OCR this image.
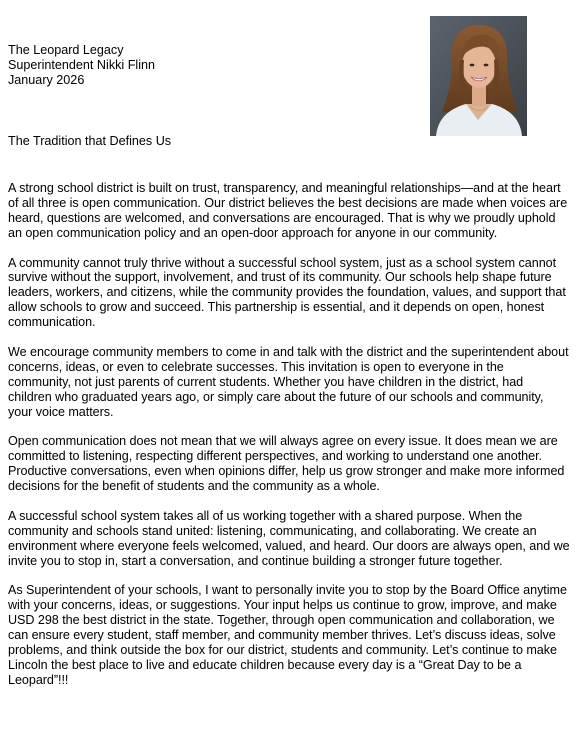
The Leopard Legacy
Superintendent Nikki Flinn
January 2026
The Tradition that Defines Us

A strong school district is built on trust, transparency, and meaningful relationships—and at the heart of all three is open communication. Our district believes the best decisions are made when voices are heard, questions are welcomed, and conversations are encouraged. That is why we proudly uphold an open communication policy and an open-door approach for anyone in our community.

A community cannot truly thrive without a successful school system, just as a school system cannot survive without the support, involvement, and trust of its community. Our schools help shape future leaders, workers, and citizens, while the community provides the foundation, values, and support that allow schools to grow and succeed. This partnership is essential, and it depends on open, honest communication.

We encourage community members to come in and talk with the district and the superintendent about concerns, ideas, or even to celebrate successes. This invitation is open to everyone in the community, not just parents of current students. Whether you have children in the district, had children who graduated years ago, or simply care about the future of our schools and community, your voice matters.

Open communication does not mean that we will always agree on every issue. It does mean we are committed to listening, respecting different perspectives, and working to understand one another. Productive conversations, even when opinions differ, help us grow stronger and make more informed decisions for the benefit of students and the community as a whole.

A successful school system takes all of us working together with a shared purpose. When the community and schools stand united: listening, communicating, and collaborating. We create an environment where everyone feels welcomed, valued, and heard. Our doors are always open, and we invite you to stop in, start a conversation, and continue building a stronger future together.

As Superintendent of your schools, I want to personally invite you to stop by the Board Office anytime with your concerns, ideas, or suggestions. Your input helps us continue to grow, improve, and make USD 298 the best district in the state. Together, through open communication and collaboration, we can ensure every student, staff member, and community member thrives. Let’s discuss ideas, solve problems, and think outside the box for our district, students and community. Let’s continue to make Lincoln the best place to live and educate children because every day is a “Great Day to be a Leopard”!!!
